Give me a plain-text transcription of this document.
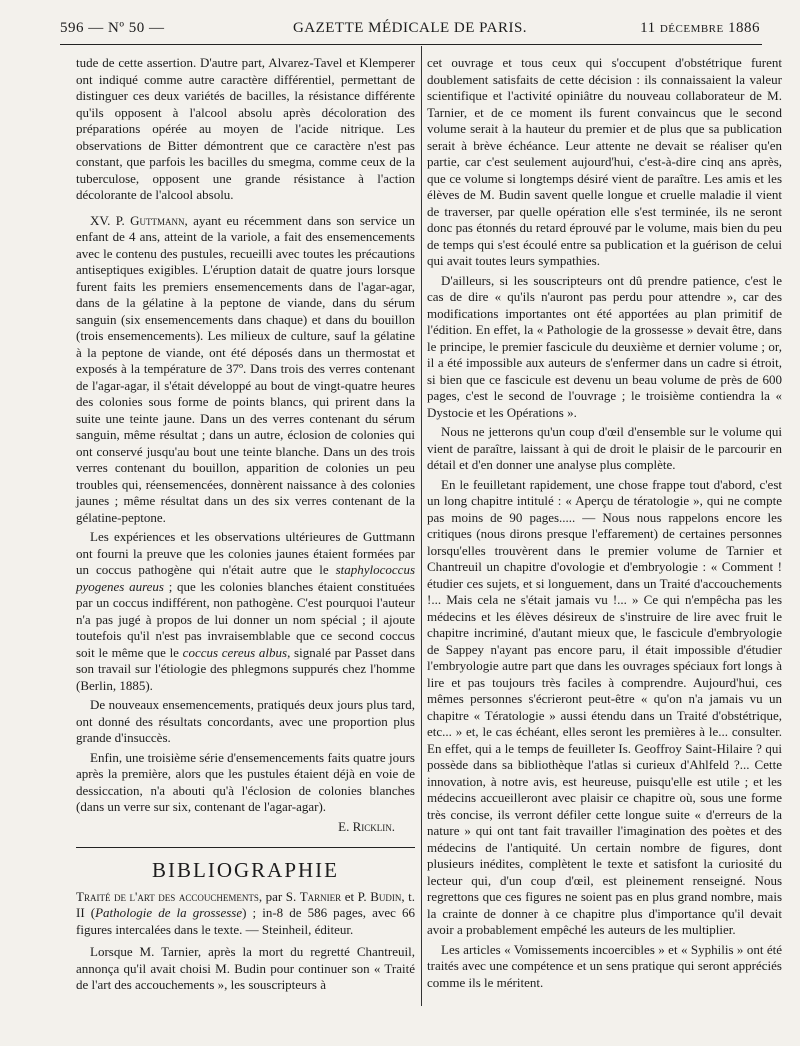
596 — Nº 50 —	GAZETTE MÉDICALE DE PARIS.	11 décembre 1886

tude de cette assertion. D'autre part, Alvarez-Tavel et Klemperer ont indiqué comme autre caractère différentiel, permettant de distinguer ces deux variétés de bacilles, la résistance différente qu'ils opposent à l'alcool absolu après décoloration des préparations opérée au moyen de l'acide nitrique. Les observations de Bitter démontrent que ce caractère n'est pas constant, que parfois les bacilles du smegma, comme ceux de la tuberculose, opposent une grande résistance à l'action décolorante de l'alcool absolu.

XV. P. Guttmann, ayant eu récemment dans son service un enfant de 4 ans, atteint de la variole, a fait des ensemencements avec le contenu des pustules, recueilli avec toutes les précautions antiseptiques exigibles. L'éruption datait de quatre jours lorsque furent faits les premiers ensemencements dans de l'agar-agar, dans de la gélatine à la peptone de viande, dans du sérum sanguin (six ensemencements dans chaque) et dans du bouillon (trois ensemencements). Les milieux de culture, sauf la gélatine à la peptone de viande, ont été déposés dans un thermostat et exposés à la température de 37º. Dans trois des verres contenant de l'agar-agar, il s'était développé au bout de vingt-quatre heures des colonies sous forme de points blancs, qui prirent dans la suite une teinte jaune. Dans un des verres contenant du sérum sanguin, même résultat ; dans un autre, éclosion de colonies qui ont conservé jusqu'au bout une teinte blanche. Dans un des trois verres contenant du bouillon, apparition de colonies un peu troubles qui, réensemencées, donnèrent naissance à des colonies jaunes ; même résultat dans un des six verres contenant de la gélatine-peptone.

Les expériences et les observations ultérieures de Guttmann ont fourni la preuve que les colonies jaunes étaient formées par un coccus pathogène qui n'était autre que le staphylococcus pyogenes aureus ; que les colonies blanches étaient constituées par un coccus indifférent, non pathogène. C'est pourquoi l'auteur n'a pas jugé à propos de lui donner un nom spécial ; il ajoute toutefois qu'il n'est pas invraisemblable que ce second coccus soit le même que le coccus cereus albus, signalé par Passet dans son travail sur l'étiologie des phlegmons suppurés chez l'homme (Berlin, 1885).

De nouveaux ensemencements, pratiqués deux jours plus tard, ont donné des résultats concordants, avec une proportion plus grande d'insuccès.

Enfin, une troisième série d'ensemencements faits quatre jours après la première, alors que les pustules étaient déjà en voie de dessiccation, n'a abouti qu'à l'éclosion de colonies blanches (dans un verre sur six, contenant de l'agar-agar).

E. Ricklin.

BIBLIOGRAPHIE

Traité de l'art des accouchements, par S. Tarnier et P. Budin, t. II (Pathologie de la grossesse) ; in-8 de 586 pages, avec 66 figures intercalées dans le texte. — Steinheil, éditeur.

Lorsque M. Tarnier, après la mort du regretté Chantreuil, annonça qu'il avait choisi M. Budin pour continuer son « Traité de l'art des accouchements », les souscripteurs à

cet ouvrage et tous ceux qui s'occupent d'obstétrique furent doublement satisfaits de cette décision : ils connaissaient la valeur scientifique et l'activité opiniâtre du nouveau collaborateur de M. Tarnier, et de ce moment ils furent convaincus que le second volume serait à la hauteur du premier et de plus que sa publication serait à brève échéance. Leur attente ne devait se réaliser qu'en partie, car c'est seulement aujourd'hui, c'est-à-dire cinq ans après, que ce volume si longtemps désiré vient de paraître. Les amis et les élèves de M. Budin savent quelle longue et cruelle maladie il vient de traverser, par quelle opération elle s'est terminée, ils ne seront donc pas étonnés du retard éprouvé par le volume, mais bien du peu de temps qui s'est écoulé entre sa publication et la guérison de celui qui avait toutes leurs sympathies.

D'ailleurs, si les souscripteurs ont dû prendre patience, c'est le cas de dire « qu'ils n'auront pas perdu pour attendre », car des modifications importantes ont été apportées au plan primitif de l'édition. En effet, la « Pathologie de la grossesse » devait être, dans le principe, le premier fascicule du deuxième et dernier volume ; or, il a été impossible aux auteurs de s'enfermer dans un cadre si étroit, si bien que ce fascicule est devenu un beau volume de près de 600 pages, c'est le second de l'ouvrage ; le troisième contiendra la « Dystocie et les Opérations ».

Nous ne jetterons qu'un coup d'œil d'ensemble sur le volume qui vient de paraître, laissant à qui de droit le plaisir de le parcourir en détail et d'en donner une analyse plus complète.

En le feuilletant rapidement, une chose frappe tout d'abord, c'est un long chapitre intitulé : « Aperçu de tératologie », qui ne compte pas moins de 90 pages..... — Nous nous rappelons encore les critiques (nous dirons presque l'effarement) de certaines personnes lorsqu'elles trouvèrent dans le premier volume de Tarnier et Chantreuil un chapitre d'ovologie et d'embryologie : « Comment ! étudier ces sujets, et si longuement, dans un Traité d'accouchements !... Mais cela ne s'était jamais vu !... » Ce qui n'empêcha pas les médecins et les élèves désireux de s'instruire de lire avec fruit le chapitre incriminé, d'autant mieux que, le fascicule d'embryologie de Sappey n'ayant pas encore paru, il était impossible d'étudier l'embryologie autre part que dans les ouvrages spéciaux fort longs à lire et pas toujours très faciles à comprendre. Aujourd'hui, ces mêmes personnes s'écrieront peut-être « qu'on n'a jamais vu un chapitre « Tératologie » aussi étendu dans un Traité d'obstétrique, etc... » et, le cas échéant, elles seront les premières à le... consulter. En effet, qui a le temps de feuilleter Is. Geoffroy Saint-Hilaire ? qui possède dans sa bibliothèque l'atlas si curieux d'Ahlfeld ?... Cette innovation, à notre avis, est heureuse, puisqu'elle est utile ; et les médecins accueilleront avec plaisir ce chapitre où, sous une forme très concise, ils verront défiler cette longue suite « d'erreurs de la nature » qui ont tant fait travailler l'imagination des poètes et des médecins de l'antiquité. Un certain nombre de figures, dont plusieurs inédites, complètent le texte et satisfont la curiosité du lecteur qui, d'un coup d'œil, est pleinement renseigné. Nous regrettons que ces figures ne soient pas en plus grand nombre, mais la crainte de donner à ce chapitre plus d'importance qu'il devait avoir a probablement empêché les auteurs de les multiplier.

Les articles « Vomissements incoercibles » et « Syphilis » ont été traités avec une compétence et un sens pratique qui seront appréciés comme ils le méritent.
